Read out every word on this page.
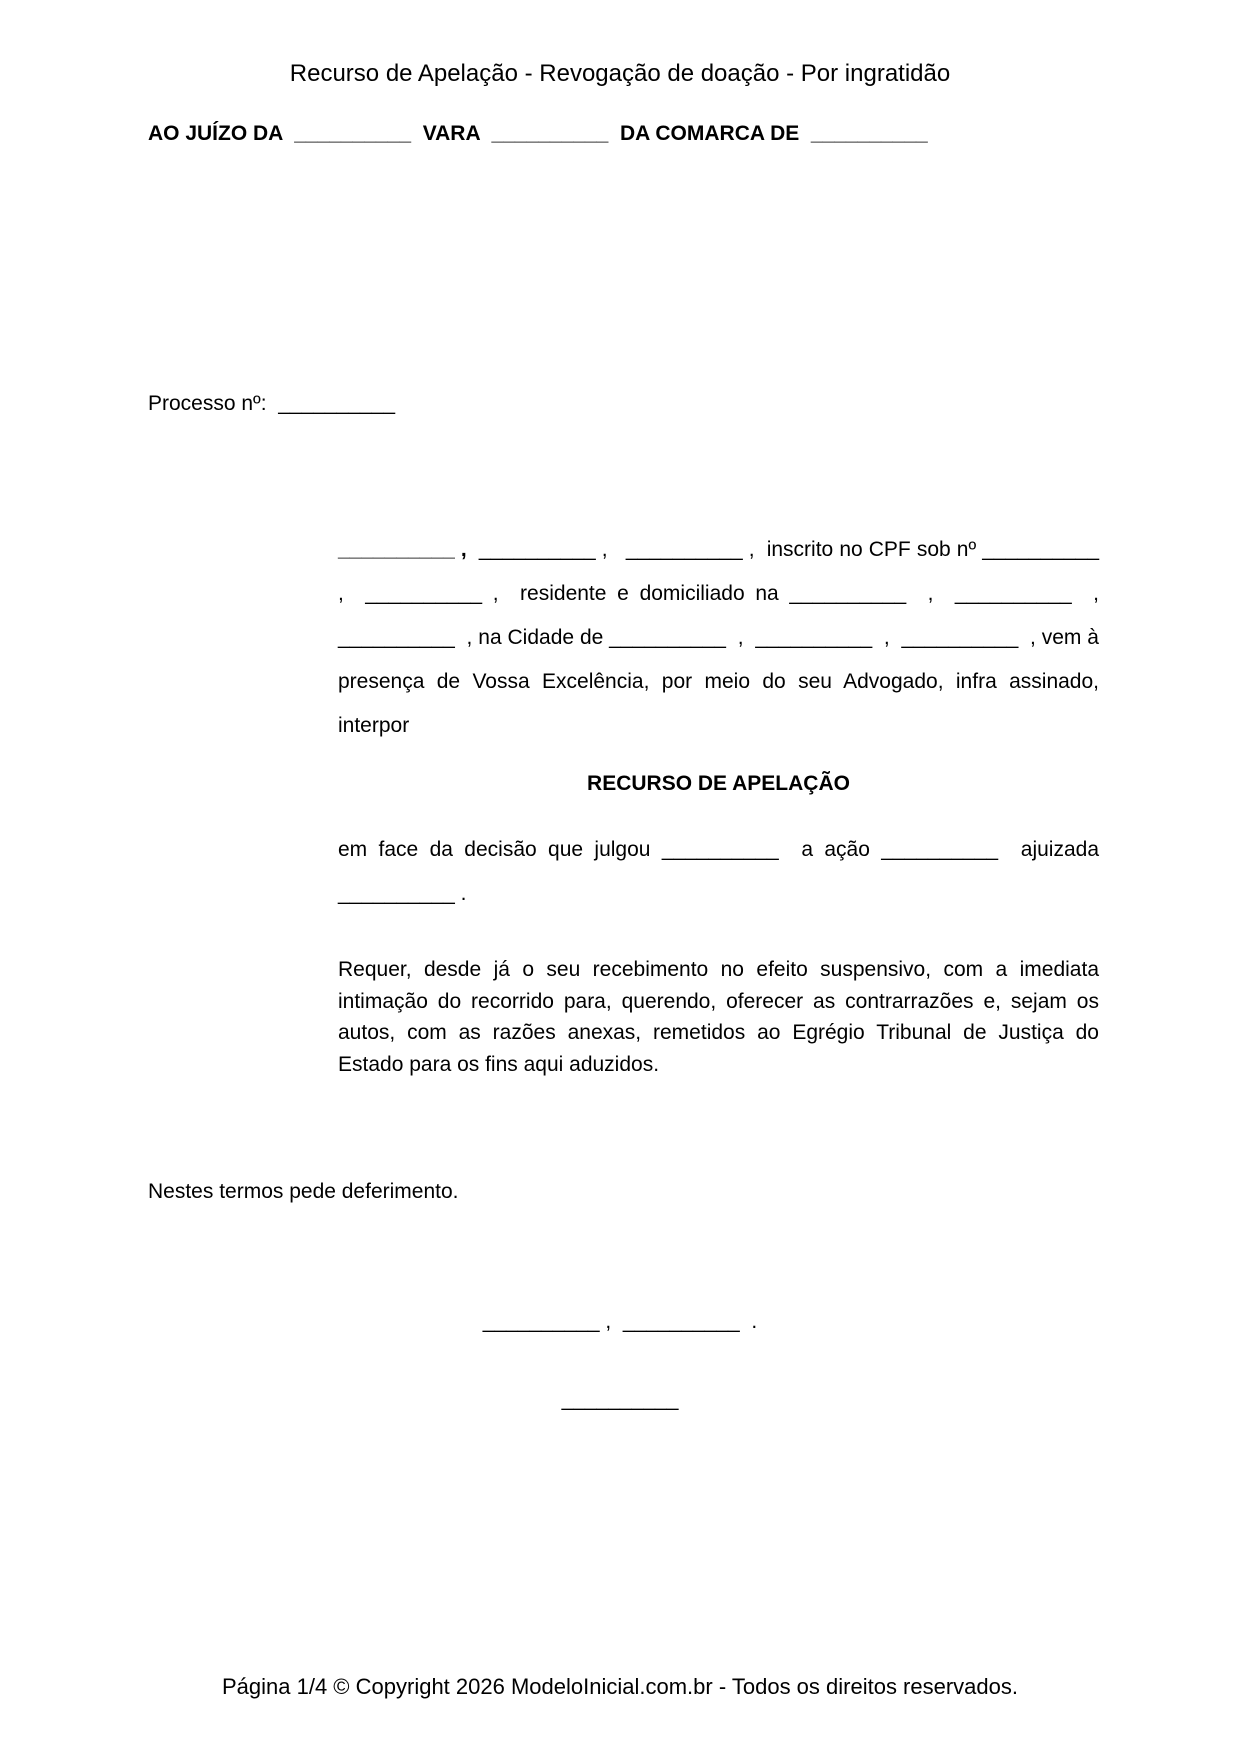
Recurso de Apelação - Revogação de doação - Por ingratidão
AO JUÍZO DA  __________  VARA  __________  DA COMARCA DE  __________
Processo nº:  __________
__________ ,  __________ ,   __________ ,  inscrito no CPF sob nº __________ ,  __________ ,  residente e domiciliado na __________  ,  __________  ,  __________  , na Cidade de __________  ,  __________  ,  __________  , vem à presença de Vossa Excelência, por meio do seu Advogado, infra assinado, interpor
RECURSO DE APELAÇÃO
em face da decisão que julgou __________  a ação __________  ajuizada  __________ .
Requer, desde já o seu recebimento no efeito suspensivo, com a imediata intimação do recorrido para, querendo, oferecer as contrarrazões e, sejam os autos, com as razões anexas, remetidos ao Egrégio Tribunal de Justiça do Estado para os fins aqui aduzidos.
Nestes termos pede deferimento.
__________ ,  __________  .
__________
Página 1/4 © Copyright 2026 ModeloInicial.com.br - Todos os direitos reservados.
